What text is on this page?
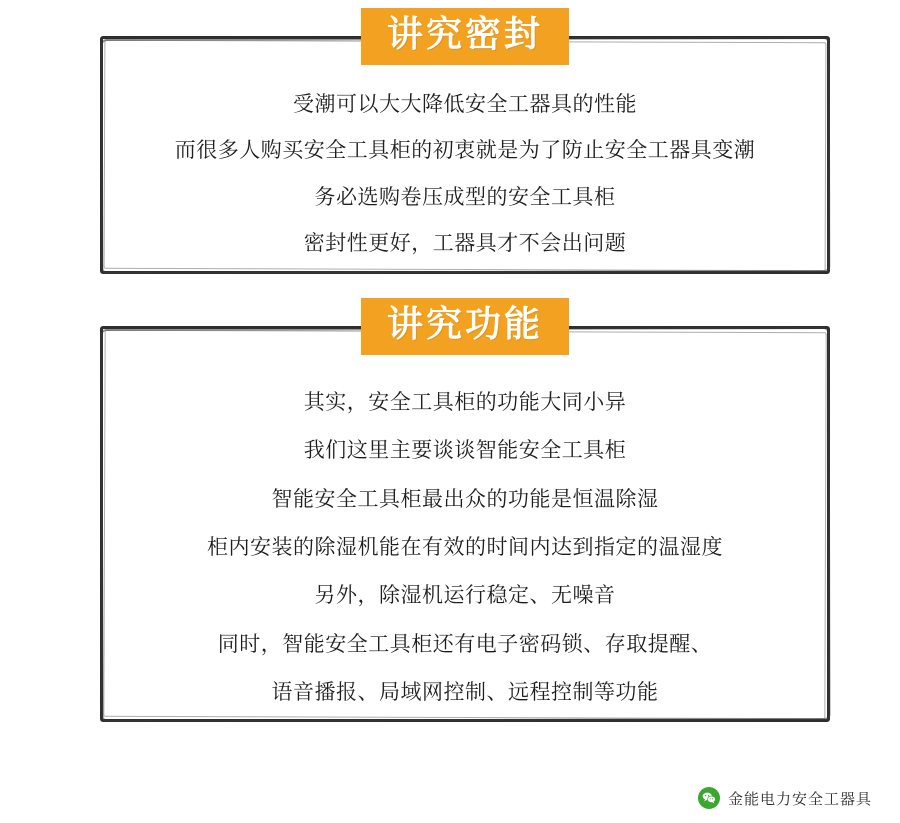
讲究密封

受潮可以大大降低安全工器具的性能

而很多人购买安全工具柜的初衷就是为了防止安全工器具变潮

务必选购卷压成型的安全工具柜

密封性更好，工器具才不会出问题

讲究功能

其实，安全工具柜的功能大同小异

我们这里主要谈谈智能安全工具柜

智能安全工具柜最出众的功能是恒温除湿

柜内安装的除湿机能在有效的时间内达到指定的温湿度

另外，除湿机运行稳定、无噪音

同时，智能安全工具柜还有电子密码锁、存取提醒、

语音播报、局域网控制、远程控制等功能

金能电力安全工器具
